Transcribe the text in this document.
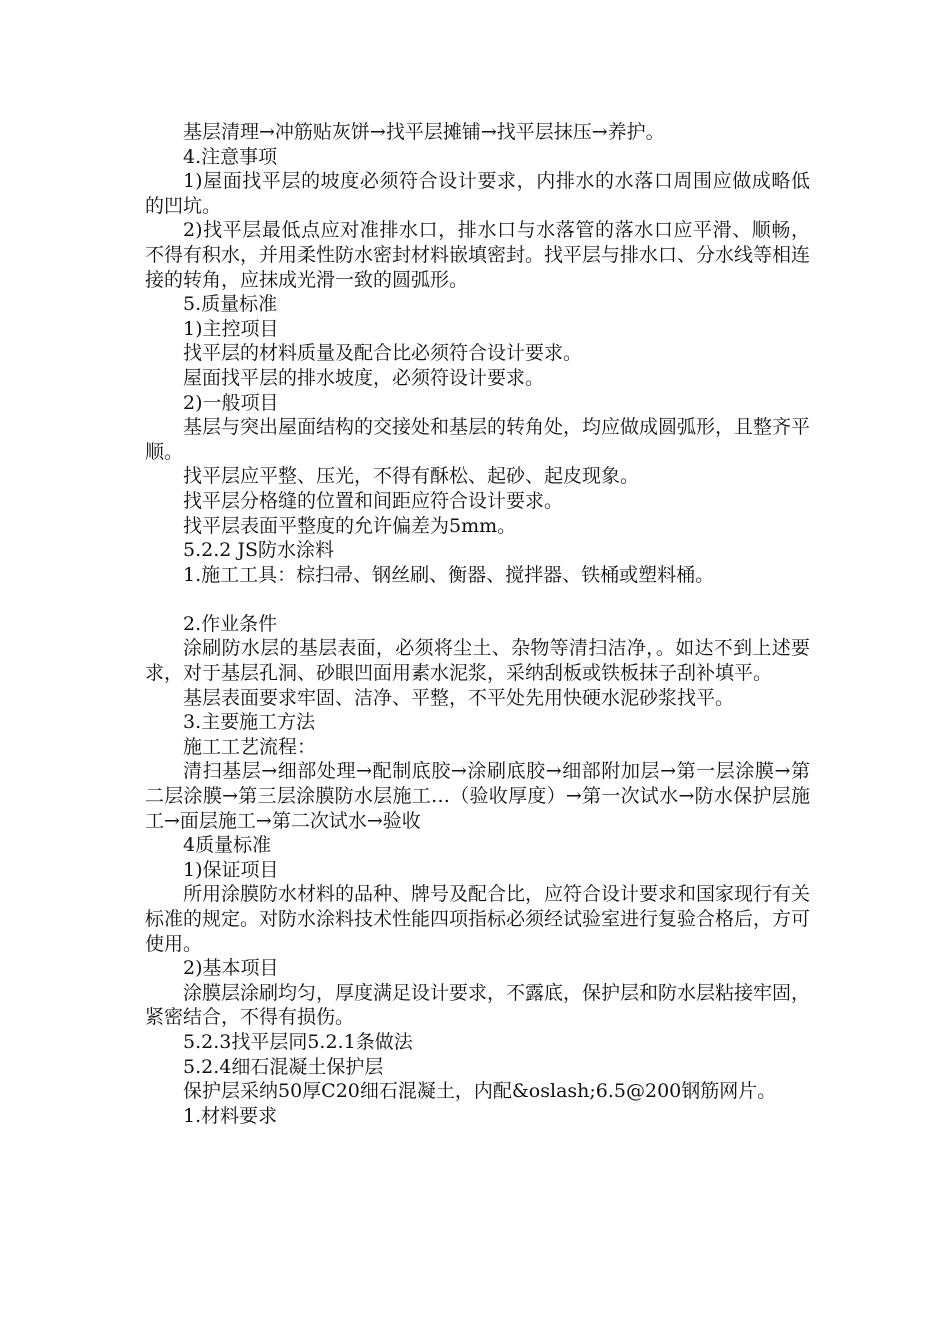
基层清理→冲筋贴灰饼→找平层摊铺→找平层抹压→养护。

4.注意事项

1)屋面找平层的坡度必须符合设计要求，内排水的水落口周围应做成略低的凹坑。

2)找平层最低点应对准排水口，排水口与水落管的落水口应平滑、顺畅，不得有积水，并用柔性防水密封材料嵌填密封。找平层与排水口、分水线等相连接的转角，应抹成光滑一致的圆弧形。

5.质量标准

1)主控项目

找平层的材料质量及配合比必须符合设计要求。

屋面找平层的排水坡度，必须符设计要求。

2)一般项目

基层与突出屋面结构的交接处和基层的转角处，均应做成圆弧形，且整齐平顺。

找平层应平整、压光，不得有酥松、起砂、起皮现象。

找平层分格缝的位置和间距应符合设计要求。

找平层表面平整度的允许偏差为5mm。

5.2.2 JS防水涂料

1.施工工具：棕扫帚、钢丝刷、衡器、搅拌器、铁桶或塑料桶。

2.作业条件

涂刷防水层的基层表面，必须将尘土、杂物等清扫洁净，。如达不到上述要求，对于基层孔洞、砂眼凹面用素水泥浆，采纳刮板或铁板抹子刮补填平。

基层表面要求牢固、洁净、平整，不平处先用快硬水泥砂浆找平。

3.主要施工方法

施工工艺流程：

清扫基层→细部处理→配制底胶→涂刷底胶→细部附加层→第一层涂膜→第二层涂膜→第三层涂膜防水层施工…（验收厚度）→第一次试水→防水保护层施工→面层施工→第二次试水→验收

4质量标准

1)保证项目

所用涂膜防水材料的品种、牌号及配合比，应符合设计要求和国家现行有关标准的规定。对防水涂料技术性能四项指标必须经试验室进行复验合格后，方可使用。

2)基本项目

涂膜层涂刷均匀，厚度满足设计要求，不露底，保护层和防水层粘接牢固，紧密结合，不得有损伤。

5.2.3找平层同5.2.1条做法

5.2.4细石混凝土保护层

保护层采纳50厚C20细石混凝土，内配&oslash;6.5@200钢筋网片。

1.材料要求
